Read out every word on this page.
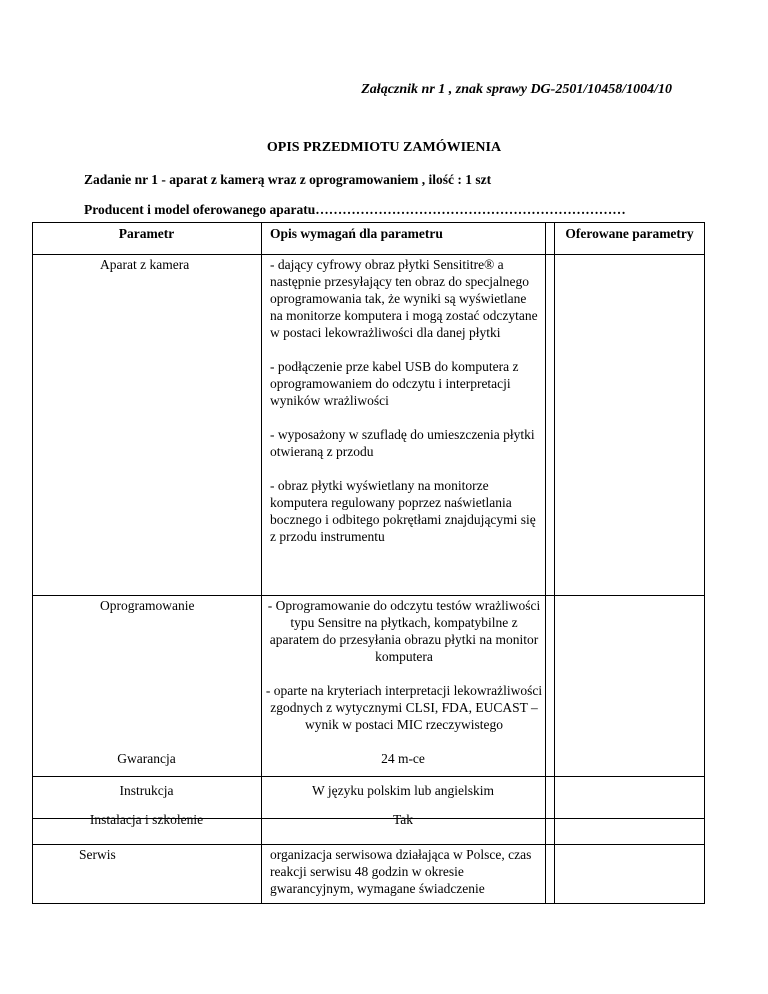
Załącznik nr 1 , znak sprawy DG-2501/10458/1004/10
OPIS PRZEDMIOTU ZAMÓWIENIA
Zadanie nr 1 - aparat z kamerą wraz z oprogramowaniem , ilość : 1 szt
Producent i model oferowanego aparatu……………………………………………………………
Parametr	Opis wymagań dla parametru	Oferowane parametry
Aparat z kamera	- dający cyfrowy obraz płytki Sensititre® a następnie przesyłający ten obraz do specjalnego oprogramowania tak, że wyniki są wyświetlane na monitorze komputera i mogą zostać odczytane w postaci lekowrażliwości dla danej płytki

- podłączenie prze kabel USB do komputera z oprogramowaniem do odczytu i interpretacji wyników wrażliwości

- wyposażony w szufladę do umieszczenia płytki otwieraną z przodu

- obraz płytki wyświetlany na monitorze komputera regulowany poprzez naświetlania bocznego i odbitego pokrętłami znajdującymi się z przodu instrumentu

Oprogramowanie	- Oprogramowanie do odczytu testów wrażliwości typu Sensitre na płytkach, kompatybilne z aparatem do przesyłania obrazu płytki na monitor komputera

- oparte na kryteriach interpretacji lekowrażliwości zgodnych z wytycznymi CLSI, FDA, EUCAST – wynik w postaci MIC rzeczywistego

Gwarancja	24 m-ce
Instrukcja	W języku polskim lub angielskim
Instalacja i szkolenie	Tak
Serwis	organizacja serwisowa działająca w Polsce, czas reakcji serwisu 48 godzin w okresie gwarancyjnym, wymagane świadczenie
